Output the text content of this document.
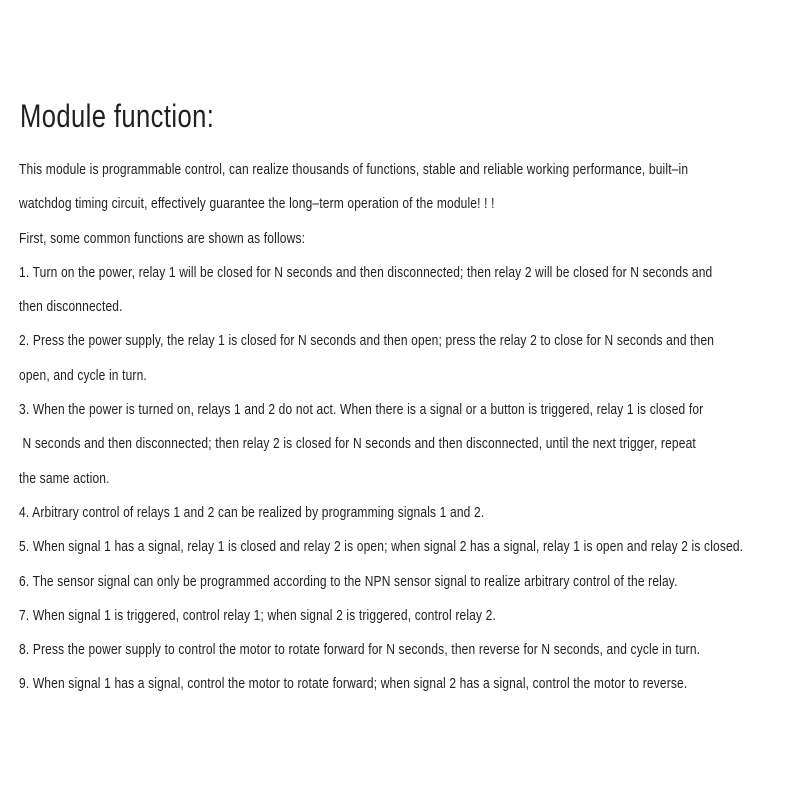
Module function:
This module is programmable control, can realize thousands of functions, stable and reliable working performance, built–in
watchdog timing circuit, effectively guarantee the long–term operation of the module! ! !
First, some common functions are shown as follows:
1. Turn on the power, relay 1 will be closed for N seconds and then disconnected; then relay 2 will be closed for N seconds and
then disconnected.
2. Press the power supply, the relay 1 is closed for N seconds and then open; press the relay 2 to close for N seconds and then
open, and cycle in turn.
3. When the power is turned on, relays 1 and 2 do not act. When there is a signal or a button is triggered, relay 1 is closed for
N seconds and then disconnected; then relay 2 is closed for N seconds and then disconnected, until the next trigger, repeat
the same action.
4. Arbitrary control of relays 1 and 2 can be realized by programming signals 1 and 2.
5. When signal 1 has a signal, relay 1 is closed and relay 2 is open; when signal 2 has a signal, relay 1 is open and relay 2 is closed.
6. The sensor signal can only be programmed according to the NPN sensor signal to realize arbitrary control of the relay.
7. When signal 1 is triggered, control relay 1; when signal 2 is triggered, control relay 2.
8. Press the power supply to control the motor to rotate forward for N seconds, then reverse for N seconds, and cycle in turn.
9. When signal 1 has a signal, control the motor to rotate forward; when signal 2 has a signal, control the motor to reverse.
